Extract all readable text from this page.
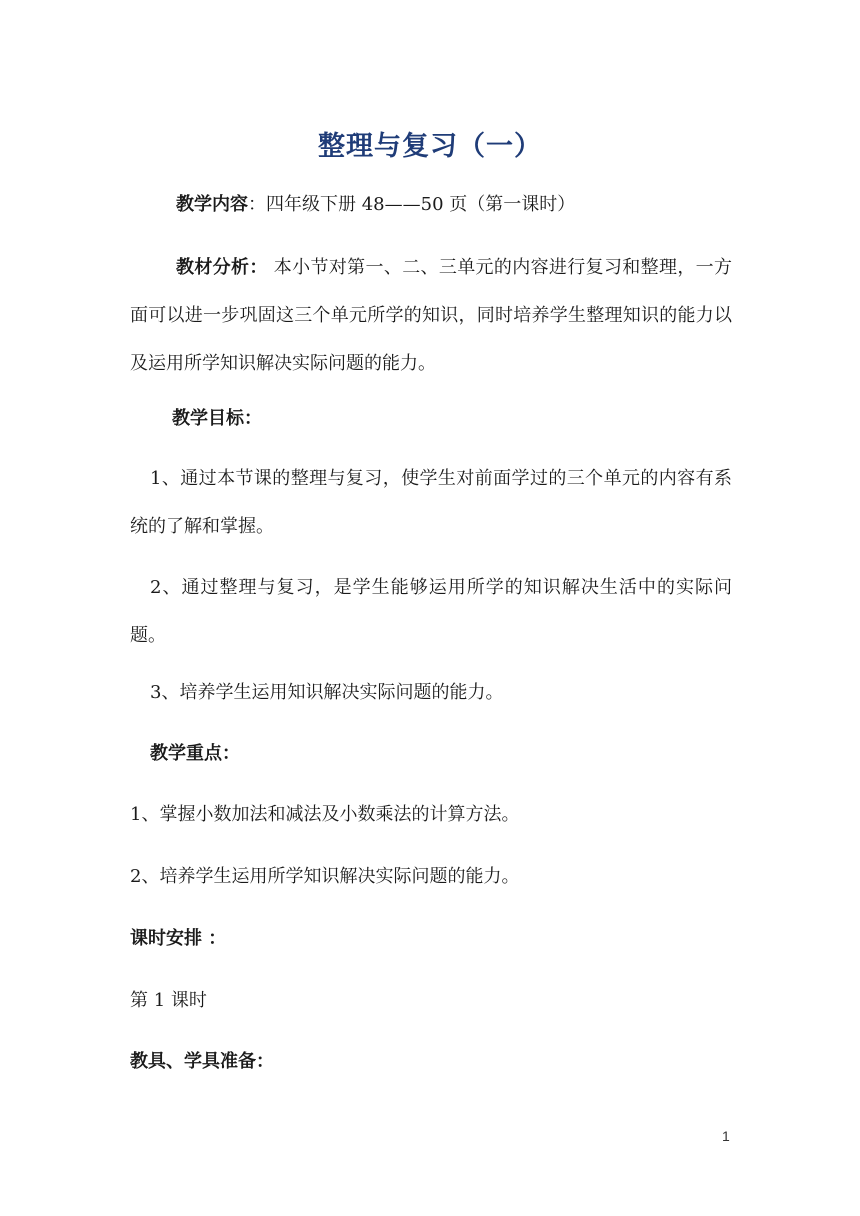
整理与复习（一）
教学内容：四年级下册 48——50 页（第一课时）
教材分析： 本小节对第一、二、三单元的内容进行复习和整理，一方面可以进一步巩固这三个单元所学的知识，同时培养学生整理知识的能力以及运用所学知识解决实际问题的能力。
教学目标：
1、通过本节课的整理与复习，使学生对前面学过的三个单元的内容有系统的了解和掌握。
2、通过整理与复习，是学生能够运用所学的知识解决生活中的实际问题。
3、培养学生运用知识解决实际问题的能力。
教学重点：
1、掌握小数加法和减法及小数乘法的计算方法。
2、培养学生运用所学知识解决实际问题的能力。
课时安排 ：
第 1 课时
教具、学具准备：
1
